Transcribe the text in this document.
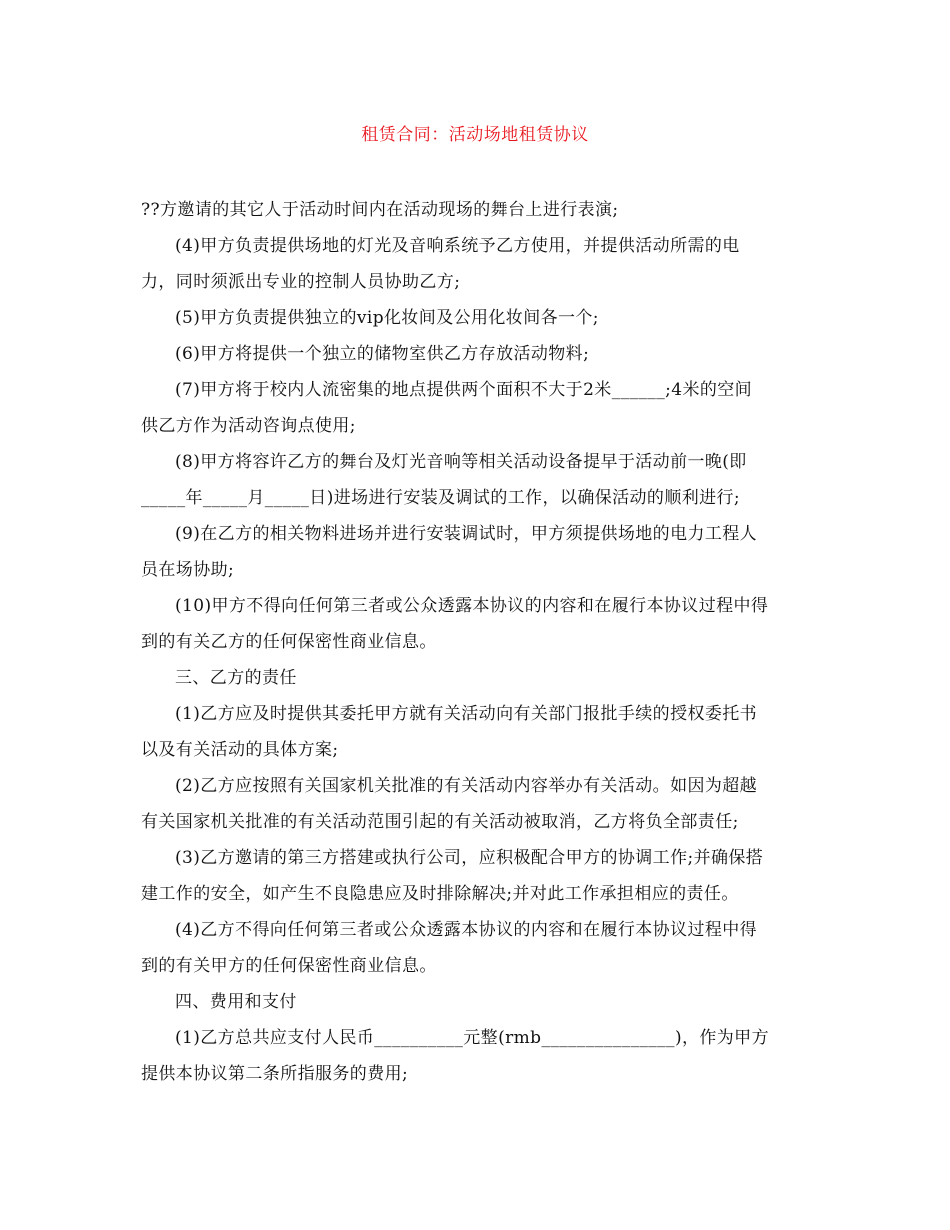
租赁合同：活动场地租赁协议
??方邀请的其它人于活动时间内在活动现场的舞台上进行表演;
(4)甲方负责提供场地的灯光及音响系统予乙方使用，并提供活动所需的电
力，同时须派出专业的控制人员协助乙方;
(5)甲方负责提供独立的vip化妆间及公用化妆间各一个;
(6)甲方将提供一个独立的储物室供乙方存放活动物料;
(7)甲方将于校内人流密集的地点提供两个面积不大于2米______;4米的空间
供乙方作为活动咨询点使用;
(8)甲方将容许乙方的舞台及灯光音响等相关活动设备提早于活动前一晚(即
_____年_____月_____日)进场进行安装及调试的工作，以确保活动的顺利进行;
(9)在乙方的相关物料进场并进行安装调试时，甲方须提供场地的电力工程人
员在场协助;
(10)甲方不得向任何第三者或公众透露本协议的内容和在履行本协议过程中得
到的有关乙方的任何保密性商业信息。
三、乙方的责任
(1)乙方应及时提供其委托甲方就有关活动向有关部门报批手续的授权委托书
以及有关活动的具体方案;
(2)乙方应按照有关国家机关批准的有关活动内容举办有关活动。如因为超越
有关国家机关批准的有关活动范围引起的有关活动被取消，乙方将负全部责任;
(3)乙方邀请的第三方搭建或执行公司，应积极配合甲方的协调工作;并确保搭
建工作的安全，如产生不良隐患应及时排除解决;并对此工作承担相应的责任。
(4)乙方不得向任何第三者或公众透露本协议的内容和在履行本协议过程中得
到的有关甲方的任何保密性商业信息。
四、费用和支付
(1)乙方总共应支付人民币__________元整(rmb_______________)，作为甲方
提供本协议第二条所指服务的费用;
